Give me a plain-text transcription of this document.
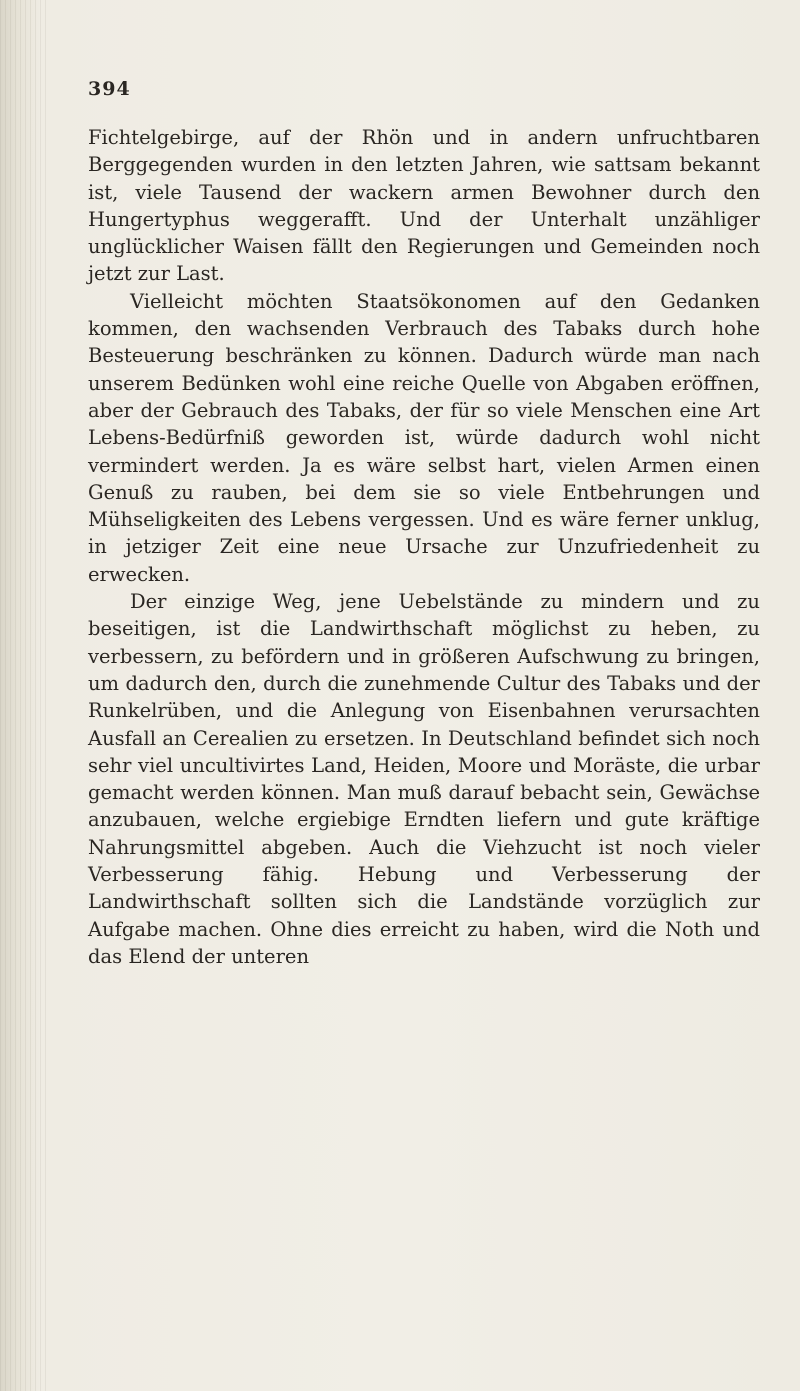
394

Fichtelgebirge, auf der Rhön und in andern unfruchtbaren Berggegenden wurden in den letzten Jahren, wie sattsam bekannt ist, viele Tausend der wackern armen Bewohner durch den Hungertyphus weggerafft. Und der Unterhalt unzähliger unglücklicher Waisen fällt den Regierungen und Gemeinden noch jetzt zur Last.

Vielleicht möchten Staatsökonomen auf den Gedanken kommen, den wachsenden Verbrauch des Tabaks durch hohe Besteuerung beschränken zu können. Dadurch würde man nach unserem Bedünken wohl eine reiche Quelle von Abgaben eröffnen, aber der Gebrauch des Tabaks, der für so viele Menschen eine Art Lebens-Bedürfniß geworden ist, würde dadurch wohl nicht vermindert werden. Ja es wäre selbst hart, vielen Armen einen Genuß zu rauben, bei dem sie so viele Entbehrungen und Mühseligkeiten des Lebens vergessen. Und es wäre ferner unklug, in jetziger Zeit eine neue Ursache zur Unzufriedenheit zu erwecken.

Der einzige Weg, jene Uebelstände zu mindern und zu beseitigen, ist die Landwirthschaft möglichst zu heben, zu verbessern, zu befördern und in größeren Aufschwung zu bringen, um dadurch den, durch die zunehmende Cultur des Tabaks und der Runkelrüben, und die Anlegung von Eisenbahnen verursachten Ausfall an Cerealien zu ersetzen. In Deutschland befindet sich noch sehr viel uncultivirtes Land, Heiden, Moore und Moräste, die urbar gemacht werden können. Man muß darauf bebacht sein, Gewächse anzubauen, welche ergiebige Erndten liefern und gute kräftige Nahrungsmittel abgeben. Auch die Viehzucht ist noch vieler Verbesserung fähig. Hebung und Verbesserung der Landwirthschaft sollten sich die Landstände vorzüglich zur Aufgabe machen. Ohne dies erreicht zu haben, wird die Noth und das Elend der unteren
